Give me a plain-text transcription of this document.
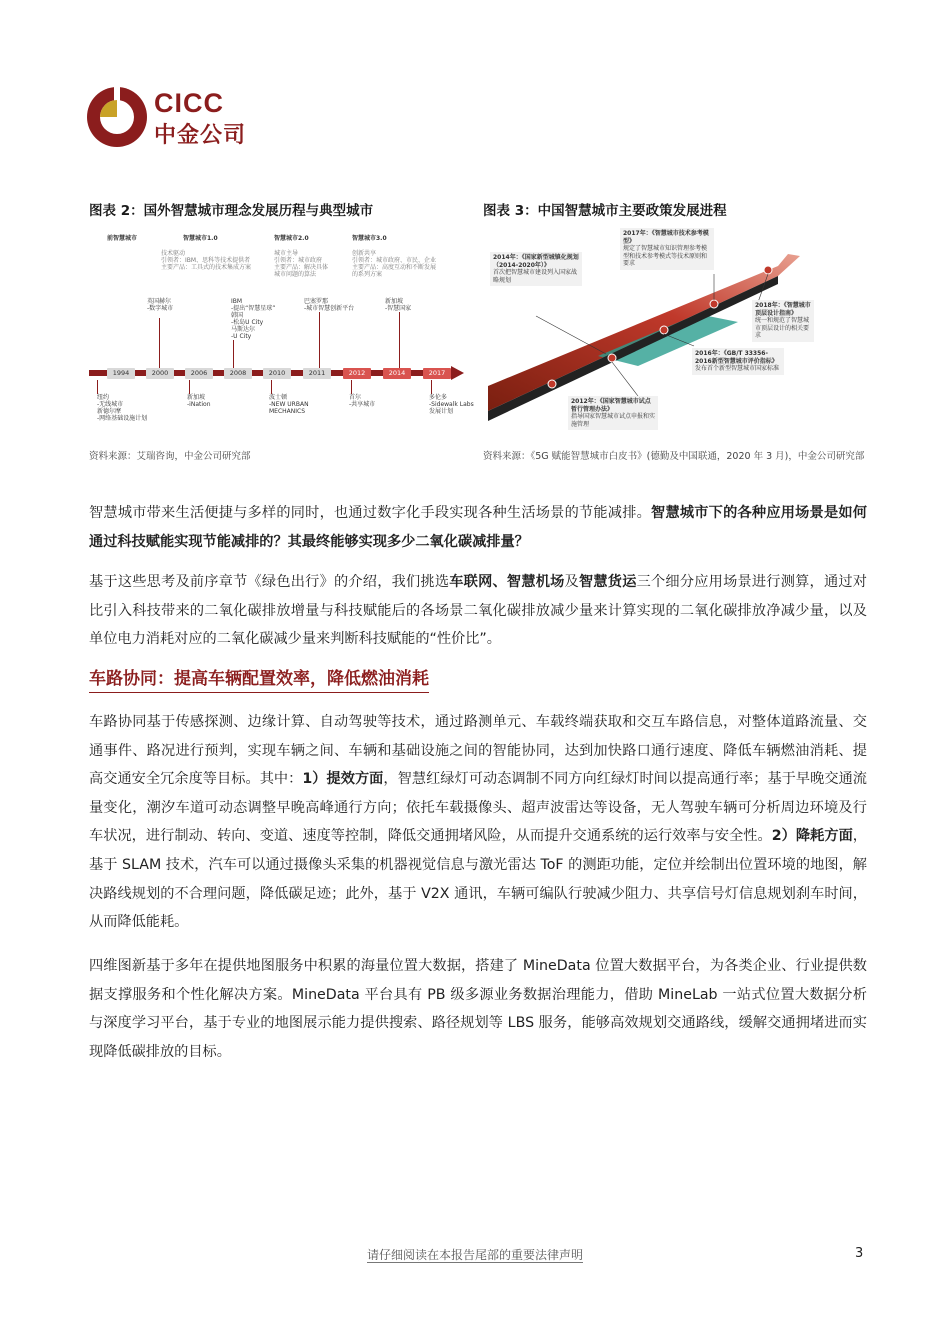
CICC
中金公司
图表 2：国外智慧城市理念发展历程与典型城市	图表 3：中国智慧城市主要政策发展进程
前智慧城市	智慧城市1.0	智慧城市2.0	智慧城市3.0
技术驱动
引领者：IBM、思科等技术提供者
主要产品：工具式的技术集成方案
城市主导
引领者：城市政府
主要产品：解决具体
城市问题的算法
创新共享
引领者：城市政府、市民、企业
主要产品：高度互动和不断发展
的系列方案
英国赫尔
-数字城市
IBM
-提出“智慧星球”
韩国
-松岛U City
马斯达尔
-U City
巴塞罗那
-城市智慧创新平台
新加坡
-智慧国家
1994	2000	2006	2008	2010	2011	2012	2014	2017
纽约
-无线城市
新德尔摩
-网络基础设施计划
新加坡
-iNation
波士顿
-NEW URBAN
MECHANICS
首尔
-共享城市
多伦多
-Sidewalk Labs
发展计划
资料来源：艾瑞咨询，中金公司研究部
2017年：《智慧城市技术参考模型》
规定了智慧城市知识管理参考模型和技术参考模式等技术原则和要求
2014年：《国家新型城镇化规划（2014-2020年）》
首次把智慧城市建设列入国家战略规划
2018年：《智慧城市顶层设计指南》
统一和规范了智慧城市顶层设计的相关要求
2016年：《GB/T 33356-2016新型智慧城市评价指标》
发布首个新型智慧城市国家标准
2012年：《国家智慧城市试点暂行管理办法》
指导国家智慧城市试点申报和实施管理
资料来源：《5G 赋能智慧城市白皮书》(德勤及中国联通，2020 年 3 月)，中金公司研究部
智慧城市带来生活便捷与多样的同时，也通过数字化手段实现各种生活场景的节能减排。智慧城市下的各种应用场景是如何通过科技赋能实现节能减排的？其最终能够实现多少二氧化碳减排量？
基于这些思考及前序章节《绿色出行》的介绍，我们挑选车联网、智慧机场及智慧货运三个细分应用场景进行测算，通过对比引入科技带来的二氧化碳排放增量与科技赋能后的各场景二氧化碳排放减少量来计算实现的二氧化碳排放净减少量，以及单位电力消耗对应的二氧化碳减少量来判断科技赋能的“性价比”。
车路协同：提高车辆配置效率，降低燃油消耗
车路协同基于传感探测、边缘计算、自动驾驶等技术，通过路测单元、车载终端获取和交互车路信息，对整体道路流量、交通事件、路况进行预判，实现车辆之间、车辆和基础设施之间的智能协同，达到加快路口通行速度、降低车辆燃油消耗、提高交通安全冗余度等目标。其中：1）提效方面，智慧红绿灯可动态调制不同方向红绿灯时间以提高通行率；基于早晚交通流量变化，潮汐车道可动态调整早晚高峰通行方向；依托车载摄像头、超声波雷达等设备，无人驾驶车辆可分析周边环境及行车状况，进行制动、转向、变道、速度等控制，降低交通拥堵风险，从而提升交通系统的运行效率与安全性。2）降耗方面，基于 SLAM 技术，汽车可以通过摄像头采集的机器视觉信息与激光雷达 ToF 的测距功能，定位并绘制出位置环境的地图，解决路线规划的不合理问题，降低碳足迹；此外，基于 V2X 通讯，车辆可编队行驶减少阻力、共享信号灯信息规划刹车时间，从而降低能耗。
四维图新基于多年在提供地图服务中积累的海量位置大数据，搭建了 MineData 位置大数据平台，为各类企业、行业提供数据支撑服务和个性化解决方案。MineData 平台具有 PB 级多源业务数据治理能力，借助 MineLab 一站式位置大数据分析与深度学习平台，基于专业的地图展示能力提供搜索、路径规划等 LBS 服务，能够高效规划交通路线，缓解交通拥堵进而实现降低碳排放的目标。
请仔细阅读在本报告尾部的重要法律声明	3
